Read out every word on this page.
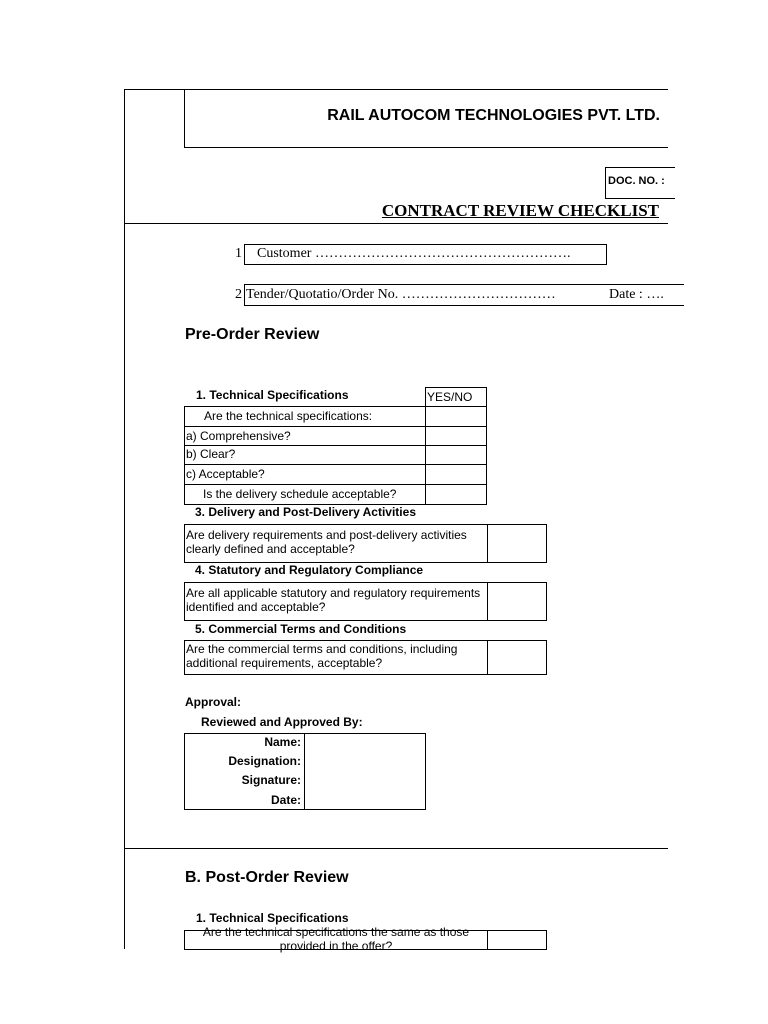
RAIL AUTOCOM TECHNOLOGIES PVT. LTD.
DOC. NO. :
CONTRACT REVIEW CHECKLIST
1 Customer ……………………………………………….
2 Tender/Quotatio/Order No. ……………………………	Date : ….
Pre-Order Review
1. Technical Specifications	YES/NO
Are the technical specifications:
a) Comprehensive?
b) Clear?
c) Acceptable?
Is the delivery schedule acceptable?
3. Delivery and Post-Delivery Activities
Are delivery requirements and post-delivery activities clearly defined and acceptable?
4. Statutory and Regulatory Compliance
Are all applicable statutory and regulatory requirements identified and acceptable?
5. Commercial Terms and Conditions
Are the commercial terms and conditions, including additional requirements, acceptable?
Approval:
Reviewed and Approved By:
Name:
Designation:
Signature:
Date:
B. Post-Order Review
1. Technical Specifications
Are the technical specifications the same as those provided in the offer?
